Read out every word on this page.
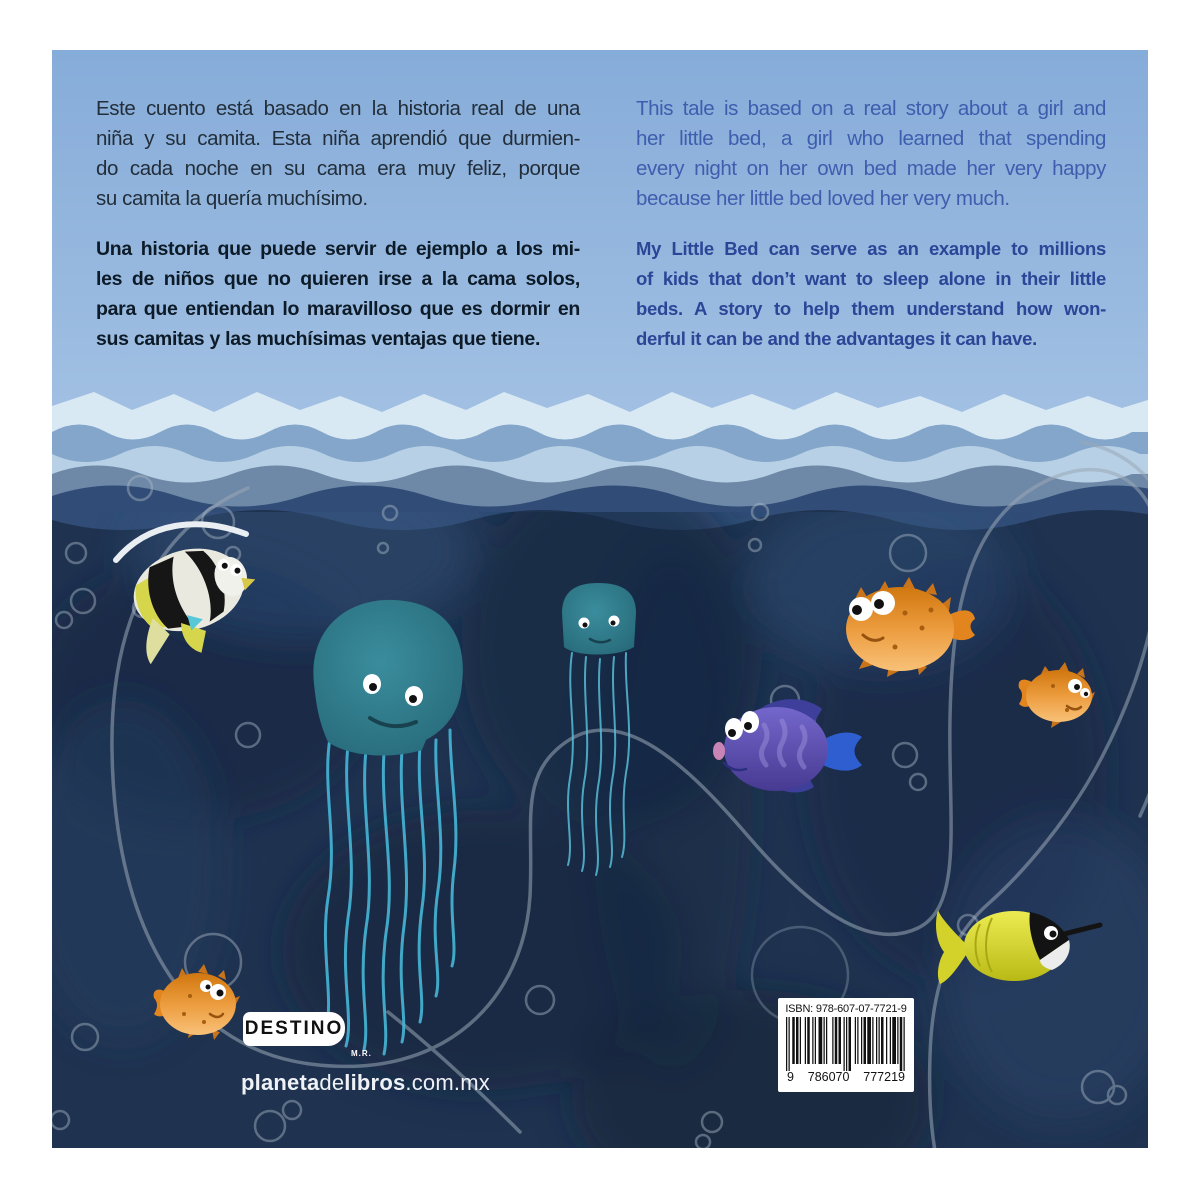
Este cuento está basado en la historia real de una
niña y su camita. Esta niña aprendió que durmien-
do cada noche en su cama era muy feliz, porque
su camita la quería muchísimo.
Una historia que puede servir de ejemplo a los mi-
les de niños que no quieren irse a la cama solos,
para que entiendan lo maravilloso que es dormir en
sus camitas y las muchísimas ventajas que tiene.
This tale is based on a real story about a girl and
her little bed, a girl who learned that spending
every night on her own bed made her very happy
because her little bed loved her very much.
My Little Bed can serve as an example to millions
of kids that don’t want to sleep alone in their little
beds. A story to help them understand how won-
derful it can be and the advantages it can have.
DESTINO
M.R.
planetadelibros.com.mx
ISBN: 978-607-07-7721-9
9 786070 777219
